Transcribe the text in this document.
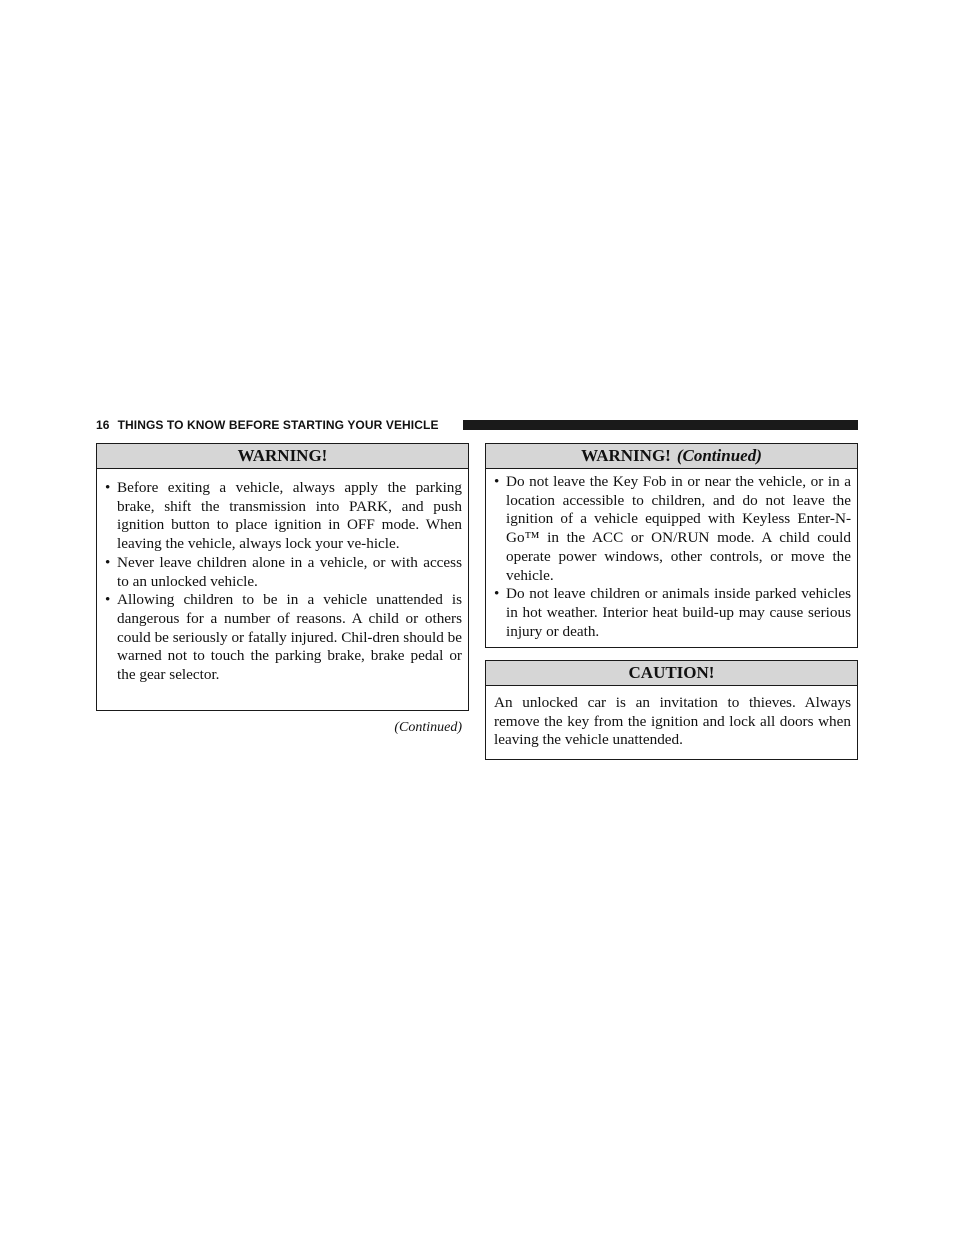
16 THINGS TO KNOW BEFORE STARTING YOUR VEHICLE
WARNING!
• Before exiting a vehicle, always apply the parking brake, shift the transmission into PARK, and push ignition button to place ignition in OFF mode. When leaving the vehicle, always lock your ve-hicle.
• Never leave children alone in a vehicle, or with access to an unlocked vehicle.
• Allowing children to be in a vehicle unattended is dangerous for a number of reasons. A child or others could be seriously or fatally injured. Chil-dren should be warned not to touch the parking brake, brake pedal or the gear selector.
(Continued)
WARNING! (Continued)
• Do not leave the Key Fob in or near the vehicle, or in a location accessible to children, and do not leave the ignition of a vehicle equipped with Keyless Enter-N-Go™ in the ACC or ON/RUN mode. A child could operate power windows, other controls, or move the vehicle.
• Do not leave children or animals inside parked vehicles in hot weather. Interior heat build-up may cause serious injury or death.
CAUTION!
An unlocked car is an invitation to thieves. Always remove the key from the ignition and lock all doors when leaving the vehicle unattended.
